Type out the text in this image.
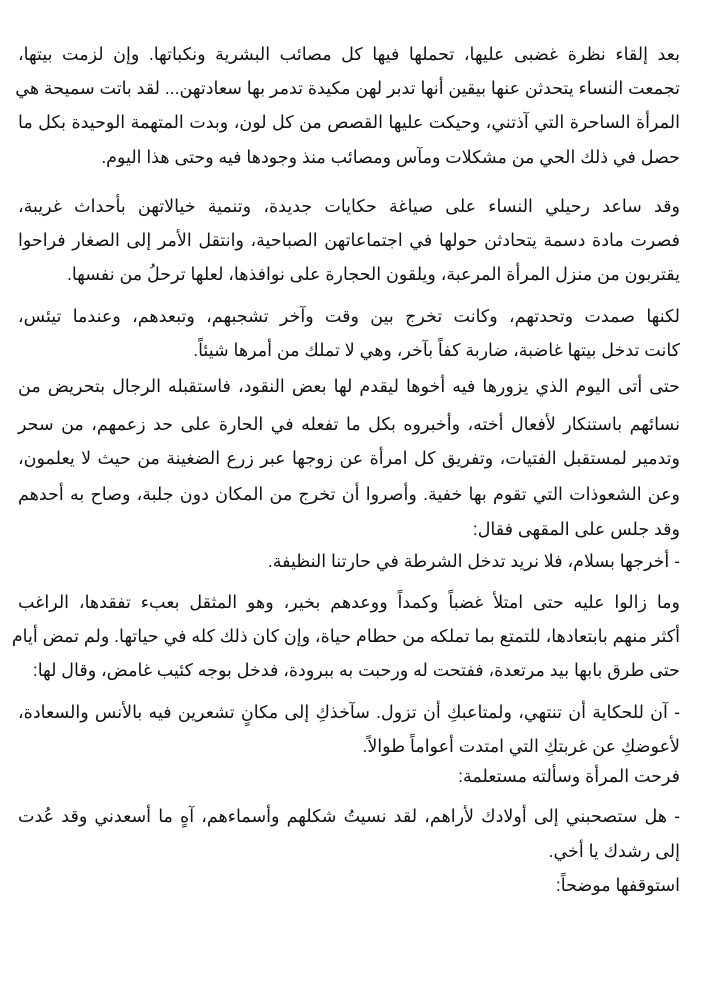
بعد إلقاء نظرة غضبى عليها، تحملها فيها كل مصائب البشرية ونكباتها. وإن لزمت بيتها،
تجمعت النساء يتحدثن عنها بيقين أنها تدبر لهن مكيدة تدمر بها سعادتهن... لقد باتت سميحة هي
المرأة الساحرة التي آذتني، وحيكت عليها القصص من كل لون، وبدت المتهمة الوحيدة بكل ما
حصل في ذلك الحي من مشكلات ومآس ومصائب منذ وجودها فيه وحتى هذا اليوم.
وقد ساعد رحيلي النساء على صياغة حكايات جديدة، وتنمية خيالاتهن بأحداث غريبة،
فصرت مادة دسمة يتحادثن حولها في اجتماعاتهن الصباحية، وانتقل الأمر إلى الصغار فراحوا
يقتربون من منزل المرأة المرعبة، ويلقون الحجارة على نوافذها، لعلها ترحلُ من نفسها.
لكنها صمدت وتحدتهم، وكانت تخرج بين وقت وآخر تشجبهم، وتبعدهم، وعندما تيئس،
كانت تدخل بيتها غاضبة، ضاربة كفاً بآخر، وهي لا تملك من أمرها شيئاً.
حتى أتى اليوم الذي يزورها فيه أخوها ليقدم لها بعض النقود، فاستقبله الرجال بتحريض من
نسائهم باستنكار لأفعال أخته، وأخبروه بكل ما تفعله في الحارة على حد زعمهم، من سحر
وتدمير لمستقبل الفتيات، وتفريق كل امرأة عن زوجها عبر زرع الضغينة من حيث لا يعلمون،
وعن الشعوذات التي تقوم بها خفية. وأصروا أن تخرج من المكان دون جلبة، وصاح به أحدهم
وقد جلس على المقهى فقال:
- أخرجها بسلام، فلا نريد تدخل الشرطة في حارتنا النظيفة.
وما زالوا عليه حتى امتلأ غضباً وكمداً ووعدهم بخير، وهو المثقل بعبء تفقدها، الراغب
أكثر منهم بابتعادها، للتمتع بما تملكه من حطام حياة، وإن كان ذلك كله في حياتها. ولم تمض أيام
حتى طرق بابها بيد مرتعدة، ففتحت له ورحبت به ببرودة، فدخل بوجه كئيب غامض، وقال لها:
- آن للحكاية أن تنتهي، ولمتاعبكِ أن تزول. سآخذكِ إلى مكانٍ تشعرين فيه بالأنس والسعادة،
لأعوضكِ عن غربتكِ التي امتدت أعواماً طوالاً.
فرحت المرأة وسألته مستعلمة:
- هل ستصحبني إلى أولادك لأراهم، لقد نسيتُ شكلهم وأسماءهم، آهٍ ما أسعدني وقد عُدت
إلى رشدك يا أخي.
استوقفها موضحاً:
